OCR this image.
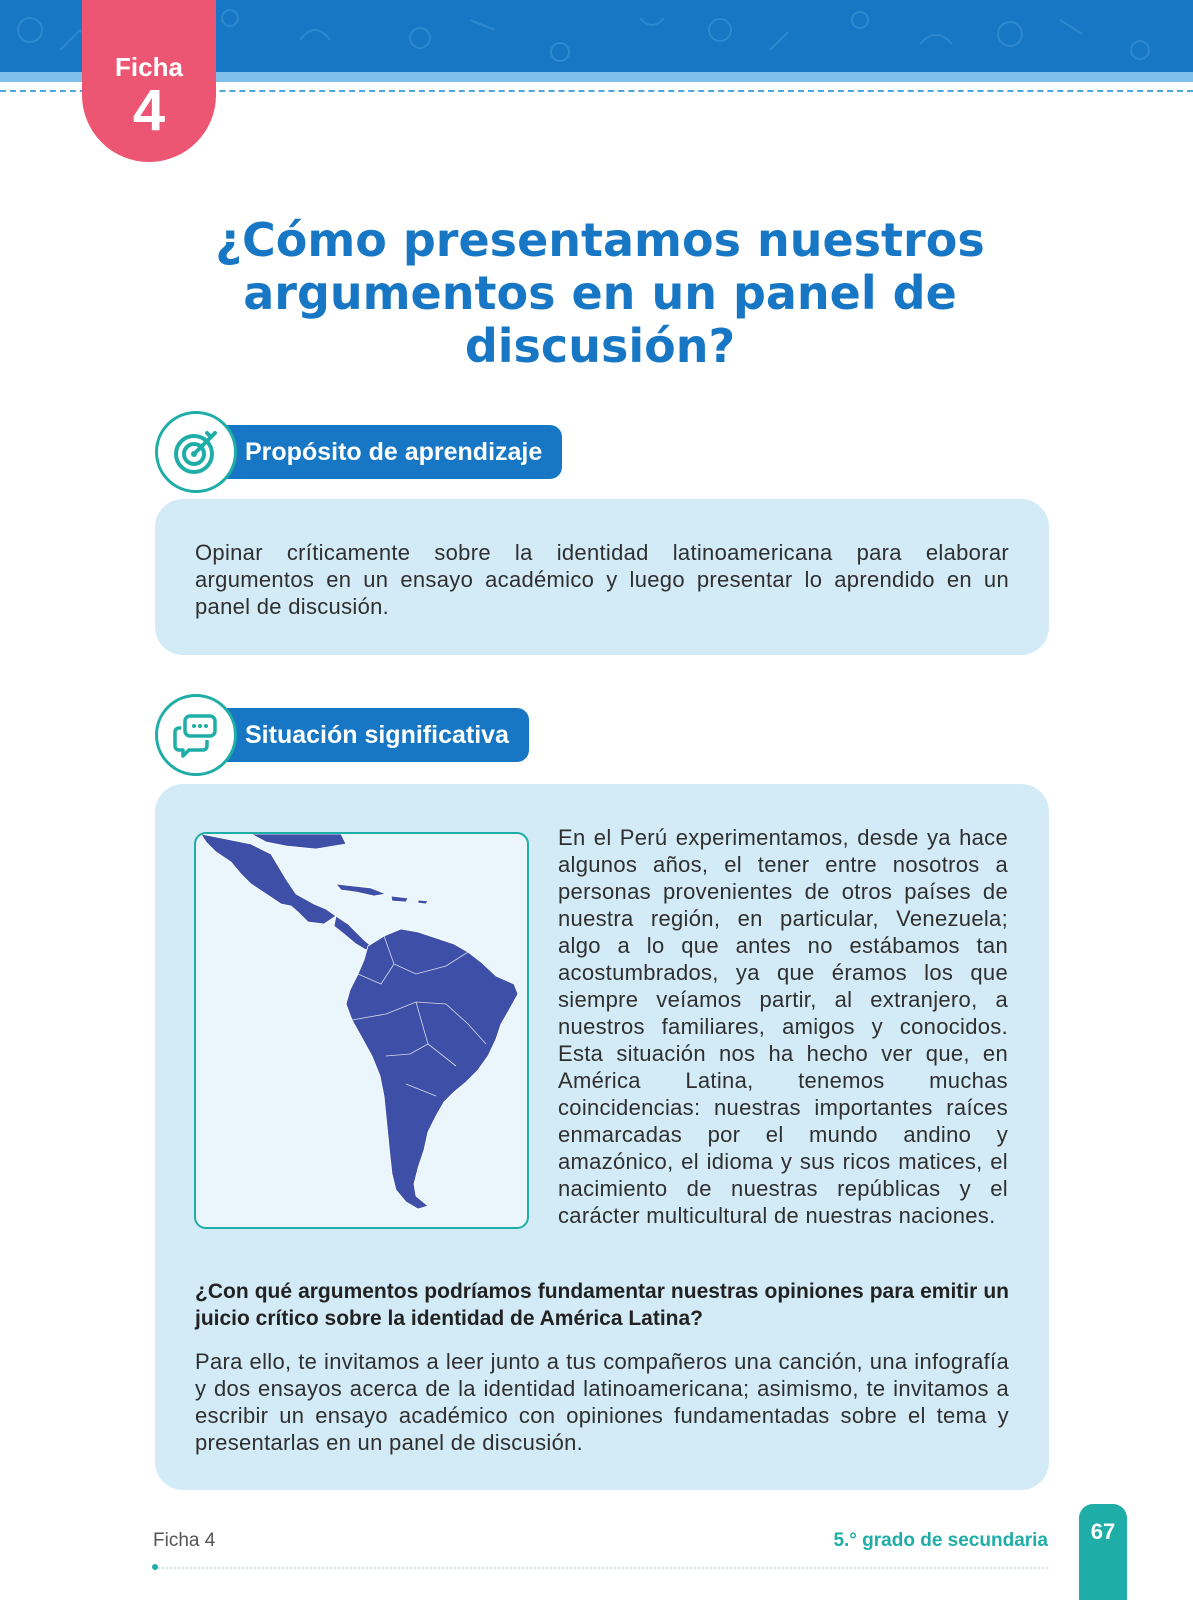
Ficha
4
¿Cómo presentamos nuestros argumentos en un panel de discusión?
Propósito de aprendizaje
Opinar críticamente sobre la identidad latinoamericana para elaborar argumentos en un ensayo académico y luego presentar lo aprendido en un panel de discusión.
Situación significativa
En el Perú experimentamos, desde ya hace algunos años, el tener entre nosotros a personas provenientes de otros países de nuestra región, en particular, Venezuela; algo a lo que antes no estábamos tan acostumbrados, ya que éramos los que siempre veíamos partir, al extranjero, a nuestros familiares, amigos y conocidos. Esta situación nos ha hecho ver que, en América Latina, tenemos muchas coincidencias: nuestras importantes raíces enmarcadas por el mundo andino y amazónico, el idioma y sus ricos matices, el nacimiento de nuestras repúblicas y el carácter multicultural de nuestras naciones.
¿Con qué argumentos podríamos fundamentar nuestras opiniones para emitir un juicio crítico sobre la identidad de América Latina?
Para ello, te invitamos a leer junto a tus compañeros una canción, una infografía y dos ensayos acerca de la identidad latinoamericana; asimismo, te invitamos a escribir un ensayo académico con opiniones fundamentadas sobre el tema y presentarlas en un panel de discusión.
Ficha 4	5.° grado de secundaria	67
